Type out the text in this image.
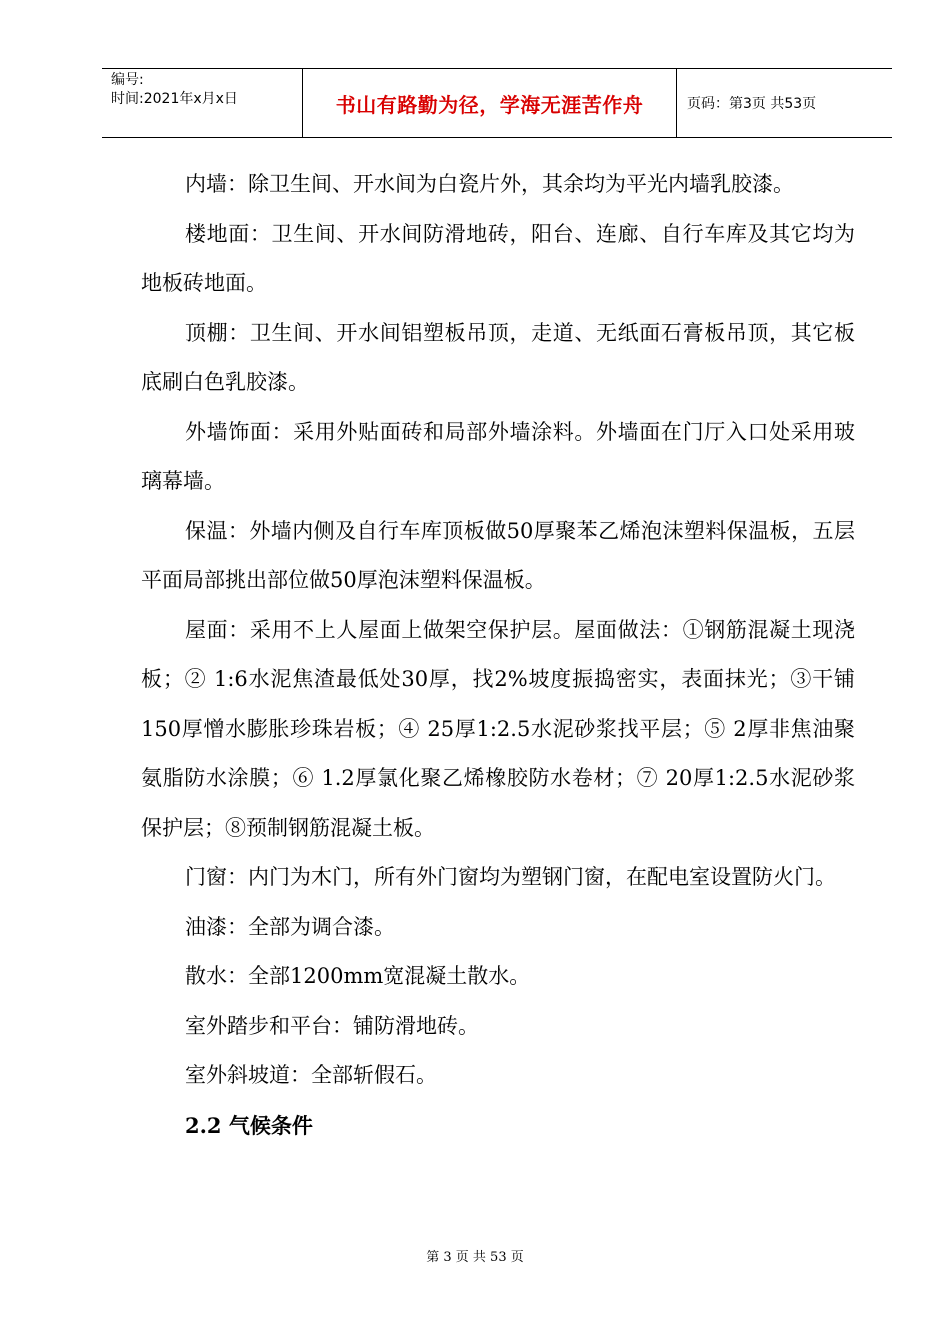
编号:
时间:2021年x月x日	书山有路勤为径，学海无涯苦作舟	页码：第3页 共53页

内墙：除卫生间、开水间为白瓷片外，其余均为平光内墙乳胶漆。

楼地面：卫生间、开水间防滑地砖，阳台、连廊、自行车库及其它均为地板砖地面。

顶棚：卫生间、开水间铝塑板吊顶，走道、无纸面石膏板吊顶，其它板底刷白色乳胶漆。

外墙饰面：采用外贴面砖和局部外墙涂料。外墙面在门厅入口处采用玻璃幕墙。

保温：外墙内侧及自行车库顶板做50厚聚苯乙烯泡沫塑料保温板，五层平面局部挑出部位做50厚泡沫塑料保温板。

屋面：采用不上人屋面上做架空保护层。屋面做法：①钢筋混凝土现浇板；② 1:6水泥焦渣最低处30厚，找2%坡度振捣密实，表面抹光；③干铺150厚憎水膨胀珍珠岩板；④ 25厚1:2.5水泥砂浆找平层；⑤ 2厚非焦油聚氨脂防水涂膜；⑥ 1.2厚氯化聚乙烯橡胶防水卷材；⑦ 20厚1:2.5水泥砂浆保护层；⑧预制钢筋混凝土板。

门窗：内门为木门，所有外门窗均为塑钢门窗，在配电室设置防火门。

油漆：全部为调合漆。

散水：全部1200mm宽混凝土散水。

室外踏步和平台：铺防滑地砖。

室外斜坡道：全部斩假石。

2.2 气候条件
第 3 页 共 53 页
